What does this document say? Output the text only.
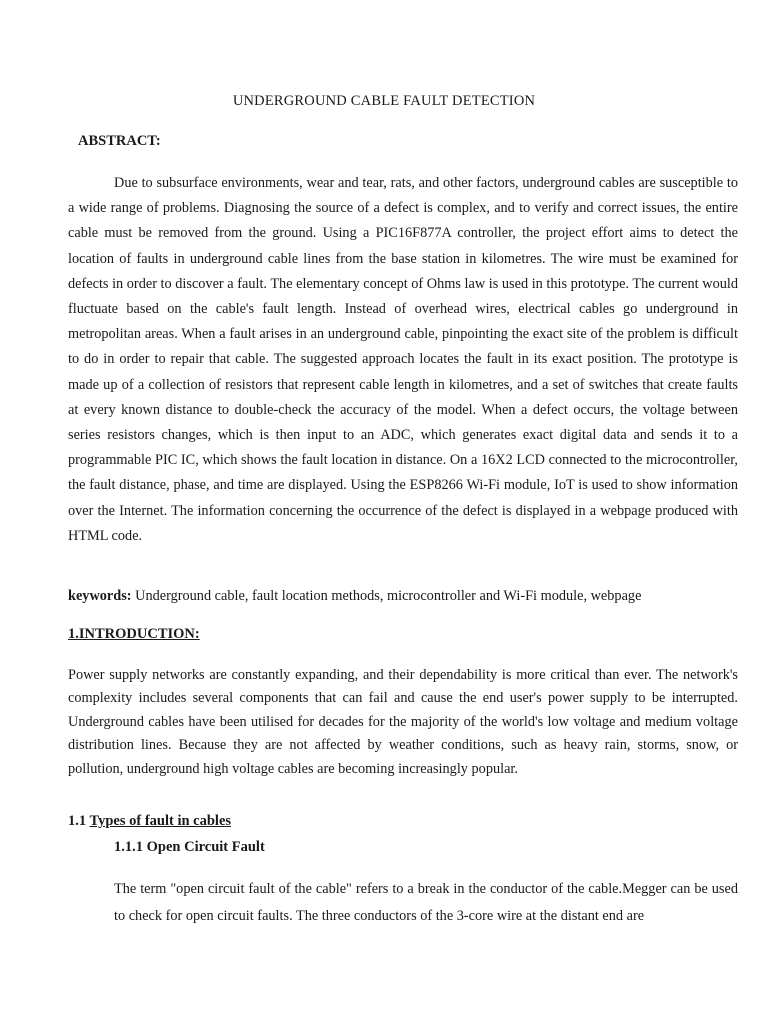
UNDERGROUND CABLE FAULT DETECTION
ABSTRACT:

Due to subsurface environments, wear and tear, rats, and other factors, underground cables are susceptible to a wide range of problems. Diagnosing the source of a defect is complex, and to verify and correct issues, the entire cable must be removed from the ground. Using a PIC16F877A controller, the project effort aims to detect the location of faults in underground cable lines from the base station in kilometres. The wire must be examined for defects in order to discover a fault. The elementary concept of Ohms law is used in this prototype. The current would fluctuate based on the cable's fault length. Instead of overhead wires, electrical cables go underground in metropolitan areas. When a fault arises in an underground cable, pinpointing the exact site of the problem is difficult to do in order to repair that cable. The suggested approach locates the fault in its exact position. The prototype is made up of a collection of resistors that represent cable length in kilometres, and a set of switches that create faults at every known distance to double-check the accuracy of the model. When a defect occurs, the voltage between series resistors changes, which is then input to an ADC, which generates exact digital data and sends it to a programmable PIC IC, which shows the fault location in distance. On a 16X2 LCD connected to the microcontroller, the fault distance, phase, and time are displayed. Using the ESP8266 Wi-Fi module, IoT is used to show information over the Internet. The information concerning the occurrence of the defect is displayed in a webpage produced with HTML code.

keywords: Underground cable, fault location methods, microcontroller and Wi-Fi module, webpage
1.INTRODUCTION:

Power supply networks are constantly expanding, and their dependability is more critical than ever. The network's complexity includes several components that can fail and cause the end user's power supply to be interrupted. Underground cables have been utilised for decades for the majority of the world's low voltage and medium voltage distribution lines. Because they are not affected by weather conditions, such as heavy rain, storms, snow, or pollution, underground high voltage cables are becoming increasingly popular.

1.1 Types of fault in cables
1.1.1 Open Circuit Fault

The term "open circuit fault of the cable" refers to a break in the conductor of the cable.Megger can be used to check for open circuit faults. The three conductors of the 3-core wire at the distant end are
